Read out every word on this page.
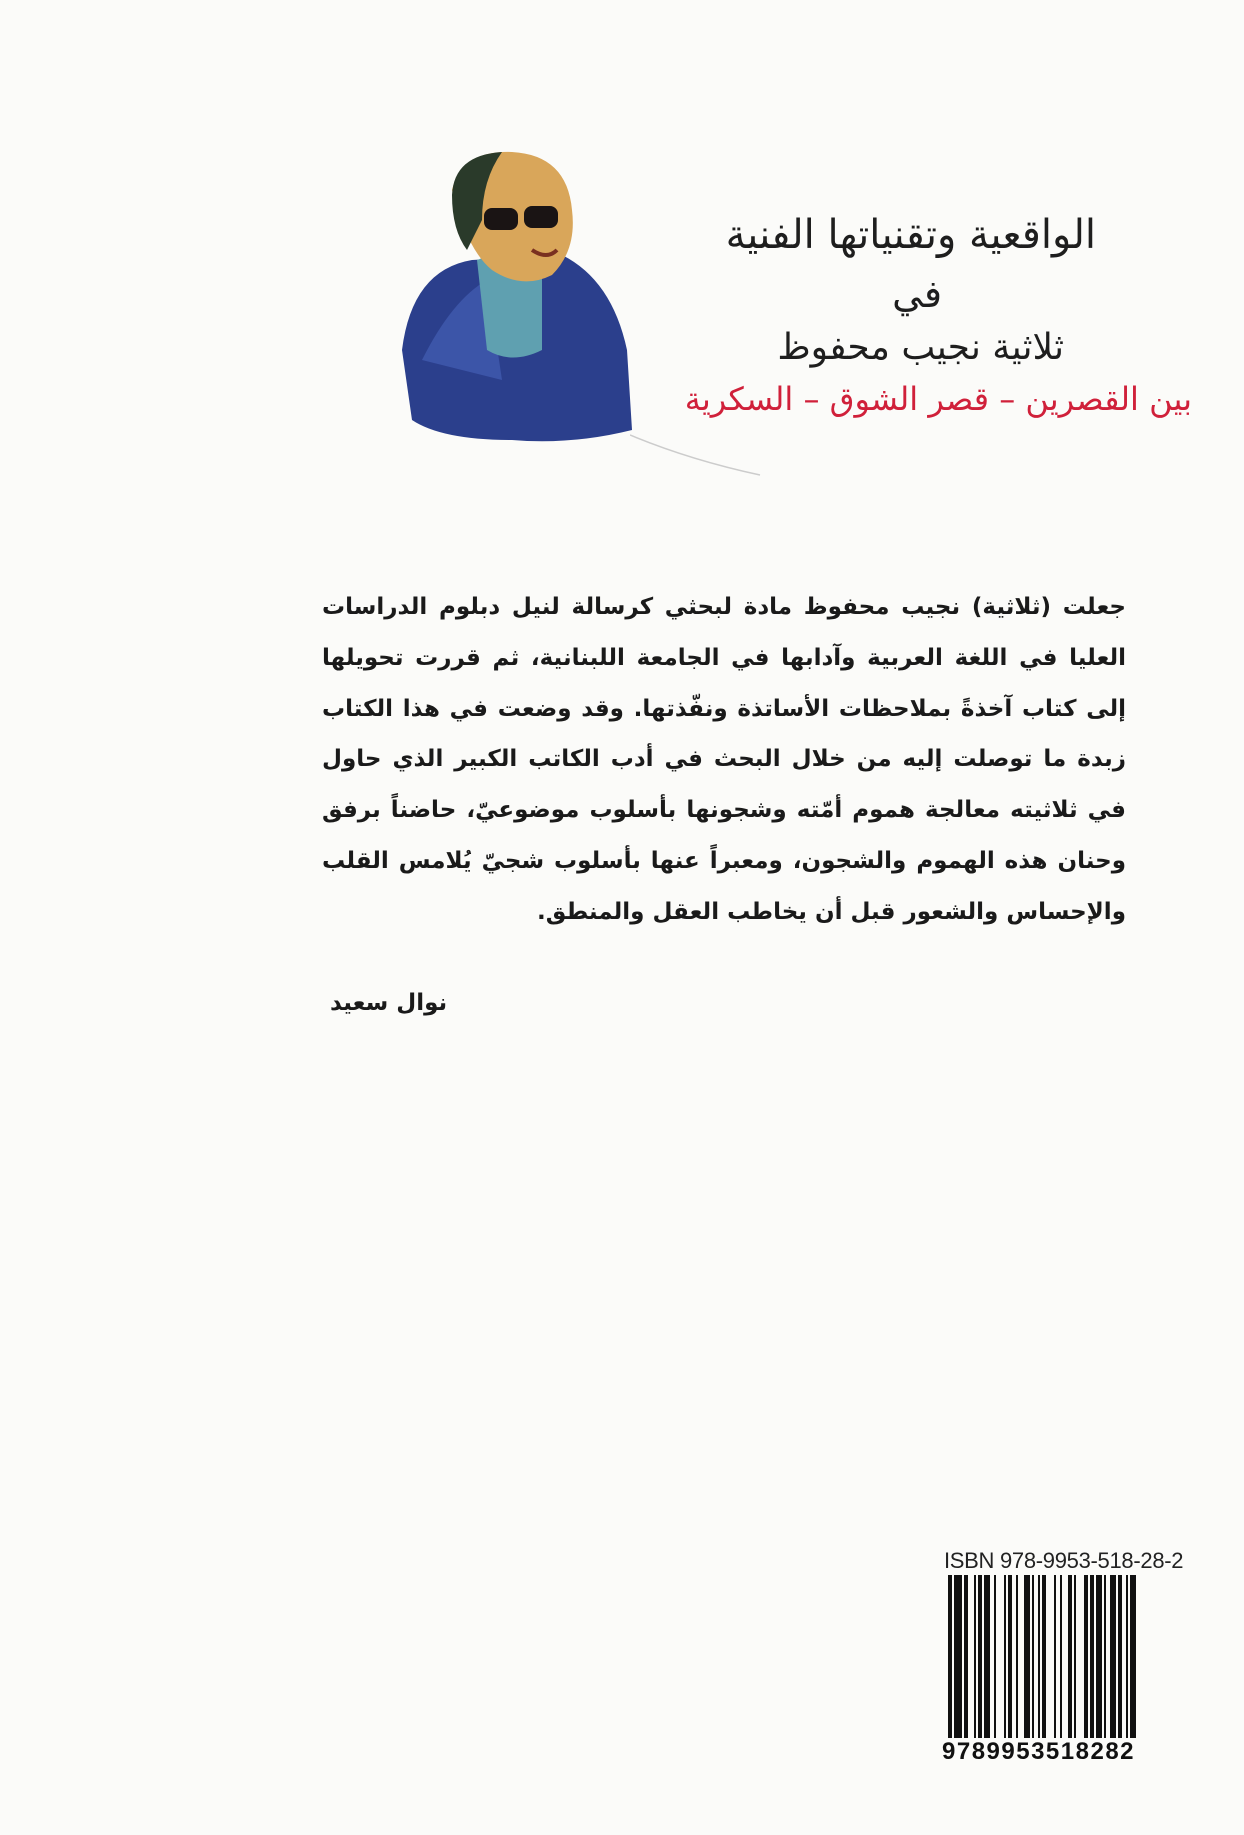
الواقعية وتقنياتها الفنية
في
ثلاثية نجيب محفوظ
بين القصرين – قصر الشوق – السكرية
جعلت (ثلاثية) نجيب محفوظ مادة لبحثي كرسالة لنيل دبلوم الدراسات العليا في اللغة العربية وآدابها في الجامعة اللبنانية، ثم قررت تحويلها إلى كتاب آخذةً بملاحظات الأساتذة ونفّذتها. وقد وضعت في هذا الكتاب زبدة ما توصلت إليه من خلال البحث في أدب الكاتب الكبير الذي حاول في ثلاثيته معالجة هموم أمّته وشجونها بأسلوب موضوعيّ، حاضناً برفق وحنان هذه الهموم والشجون، ومعبراً عنها بأسلوب شجيّ يُلامس القلب والإحساس والشعور قبل أن يخاطب العقل والمنطق.
نوال سعيد
ISBN 978-9953-518-28-2
9789953518282
